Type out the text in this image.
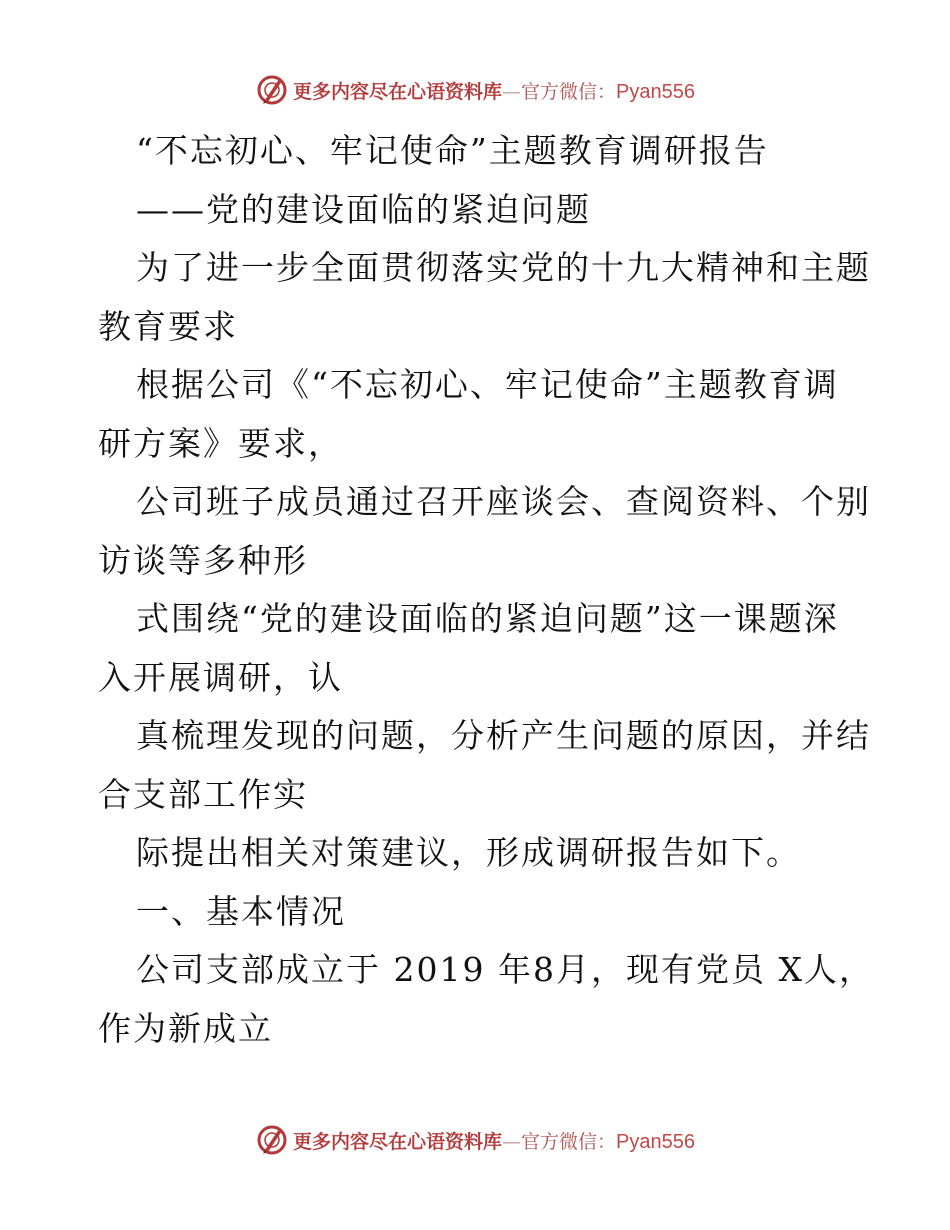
更多内容尽在心语资料库 — 官方微信： Pyan556

“不忘初心、牢记使命”主题教育调研报告

——党的建设面临的紧迫问题

为了进一步全面贯彻落实党的十九大精神和主题

教育要求

根据公司《“不忘初心、牢记使命”主题教育调

研方案》要求，

公司班子成员通过召开座谈会、查阅资料、个别

访谈等多种形

式围绕“党的建设面临的紧迫问题”这一课题深

入开展调研，认

真梳理发现的问题，分析产生问题的原因，并结

合支部工作实

际提出相关对策建议，形成调研报告如下。

一、基本情况

公司支部成立于 2019 年8月，现有党员 X人，

作为新成立

更多内容尽在心语资料库 — 官方微信： Pyan556
